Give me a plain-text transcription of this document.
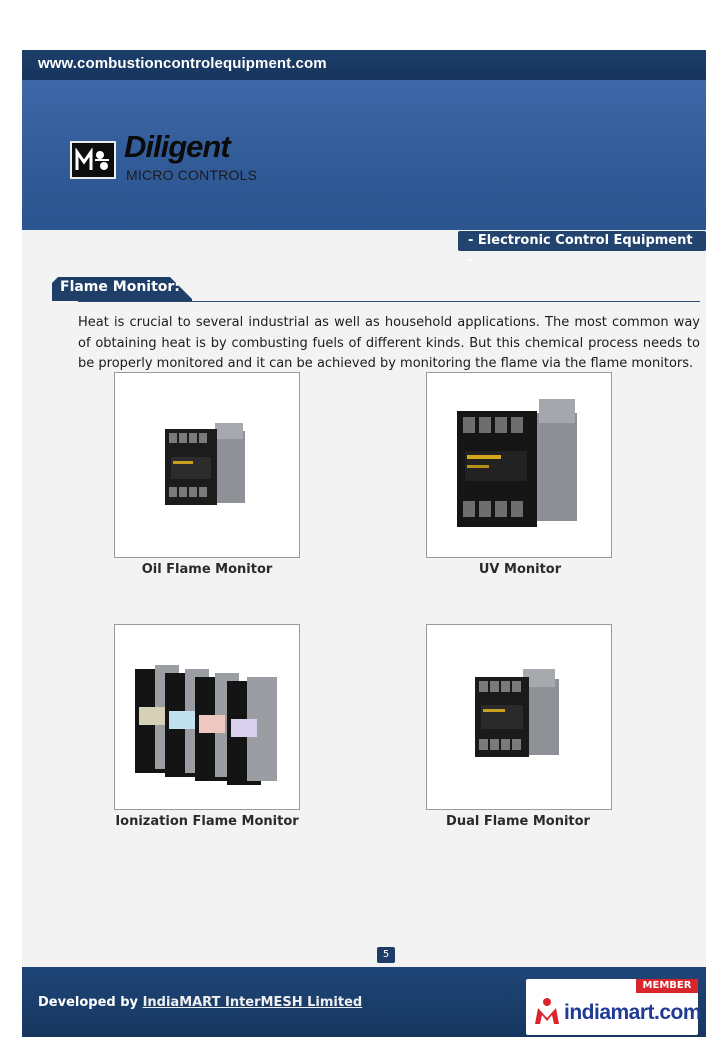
www.combustioncontrolequipment.com
Diligent
MICRO CONTROLS
- Electronic Control Equipment -
Flame Monitor:
Heat is crucial to several industrial as well as household applications. The most common way of obtaining heat is by combusting fuels of different kinds. But this chemical process needs to be properly monitored and it can be achieved by monitoring the flame via the flame monitors.
Oil Flame Monitor	UV Monitor
Ionization Flame Monitor	Dual Flame Monitor
5
Developed by IndiaMART InterMESH Limited
MEMBER
indiamart.com
